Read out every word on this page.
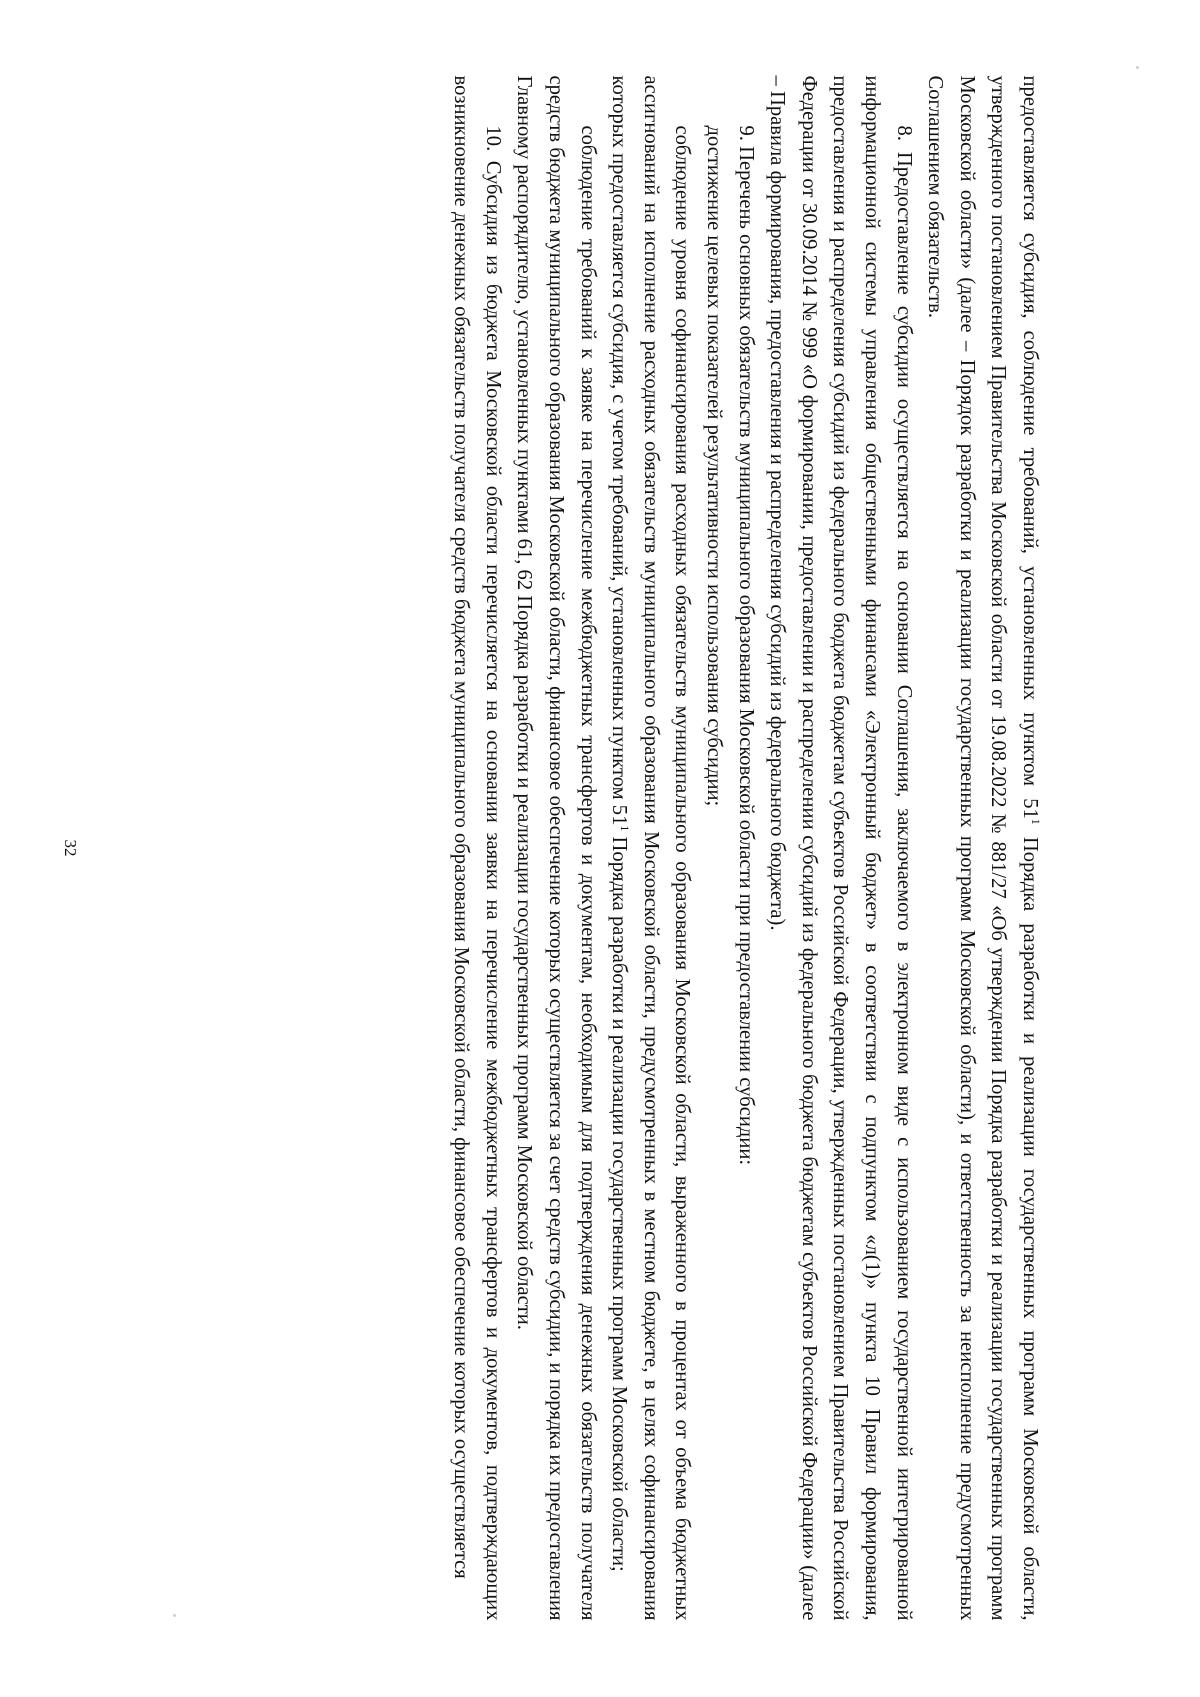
32

предоставляется субсидия, соблюдение требований, установленных пунктом $51^1$ Порядка разработки и реализации государственных программ Московской области, утвержденного постановлением Правительства Московской области от 19.08.2022 № 881/27 «Об утверждении Порядка разработки и реализации государственных программ Московской области» (далее – Порядок разработки и реализации государственных программ Московской области), и ответственность за неисполнение предусмотренных Соглашением обязательств.

8. Предоставление субсидии осуществляется на основании Соглашения, заключаемого в электронном виде с использованием государственной интегрированной информационной системы управления общественными финансами «Электронный бюджет» в соответствии с подпунктом «л(1)» пункта 10 Правил формирования, предоставления и распределения субсидий из федерального бюджета бюджетам субъектов Российской Федерации, утвержденных постановлением Правительства Российской Федерации от 30.09.2014 № 999 «О формировании, предоставлении и распределении субсидий из федерального бюджета бюджетам субъектов Российской Федерации» (далее – Правила формирования, предоставления и распределения субсидий из федерального бюджета).

9. Перечень основных обязательств муниципального образования Московской области при предоставлении субсидии:

достижение целевых показателей результативности использования субсидии;

соблюдение уровня софинансирования расходных обязательств муниципального образования Московской области, выраженного в процентах от объема бюджетных ассигнований на исполнение расходных обязательств муниципального образования Московской области, предусмотренных в местном бюджете, в целях софинансирования которых предоставляется субсидия, с учетом требований, установленных пунктом $51^1$ Порядка разработки и реализации государственных программ Московской области;

соблюдение требований к заявке на перечисление межбюджетных трансфертов и документам, необходимым для подтверждения денежных обязательств получателя средств бюджета муниципального образования Московской области, финансовое обеспечение которых осуществляется за счет средств субсидии, и порядка их предоставления Главному распорядителю, установленных пунктами 61, 62 Порядка разработки и реализации государственных программ Московской области.

10. Субсидия из бюджета Московской области перечисляется на основании заявки на перечисление межбюджетных трансфертов и документов, подтверждающих возникновение денежных обязательств получателя средств бюджета муниципального образования Московской области, финансовое обеспечение которых осуществляется
